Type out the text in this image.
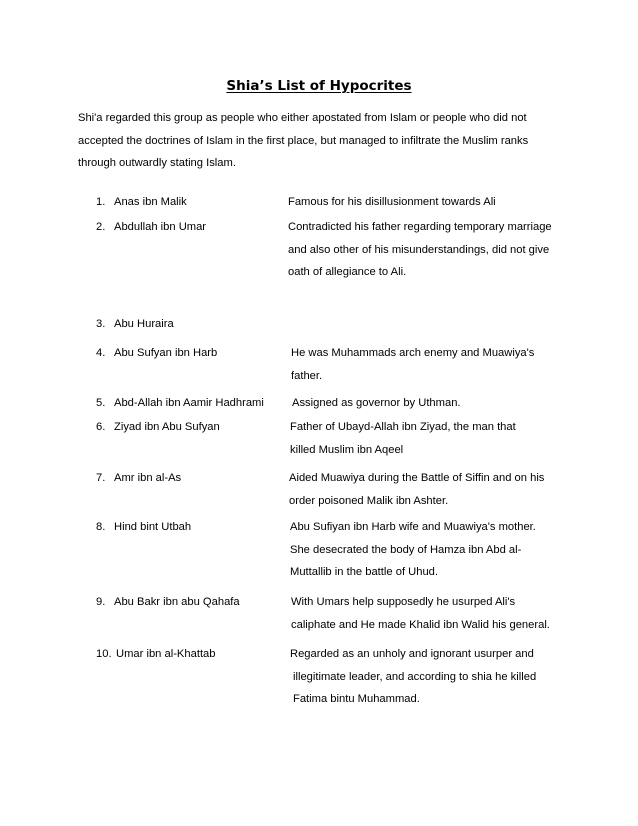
Shia’s List of Hypocrites
Shi'a regarded this group as people who either apostated from Islam or people who did not
accepted the doctrines of Islam in the first place, but managed to infiltrate the Muslim ranks
through outwardly stating Islam.
1. Anas ibn Malik	Famous for his disillusionment towards Ali
2. Abdullah ibn Umar	Contradicted his father regarding temporary marriage
and also other of his misunderstandings, did not give
oath of allegiance to Ali.
3. Abu Huraira
4. Abu Sufyan ibn Harb	He was Muhammads arch enemy and Muawiya's
father.
5. Abd-Allah ibn Aamir Hadhrami	Assigned as governor by Uthman.
6. Ziyad ibn Abu Sufyan	Father of Ubayd-Allah ibn Ziyad, the man that
killed Muslim ibn Aqeel
7. Amr ibn al-As	Aided Muawiya during the Battle of Siffin and on his
order poisoned Malik ibn Ashter.
8. Hind bint Utbah	Abu Sufiyan ibn Harb wife and Muawiya's mother.
She desecrated the body of Hamza ibn Abd al-
Muttallib in the battle of Uhud.
9. Abu Bakr ibn abu Qahafa	With Umars help supposedly he usurped Ali's
caliphate and He made Khalid ibn Walid his general.
10. Umar ibn al-Khattab	Regarded as an unholy and ignorant usurper and
illegitimate leader, and according to shia he killed
Fatima bintu Muhammad.
